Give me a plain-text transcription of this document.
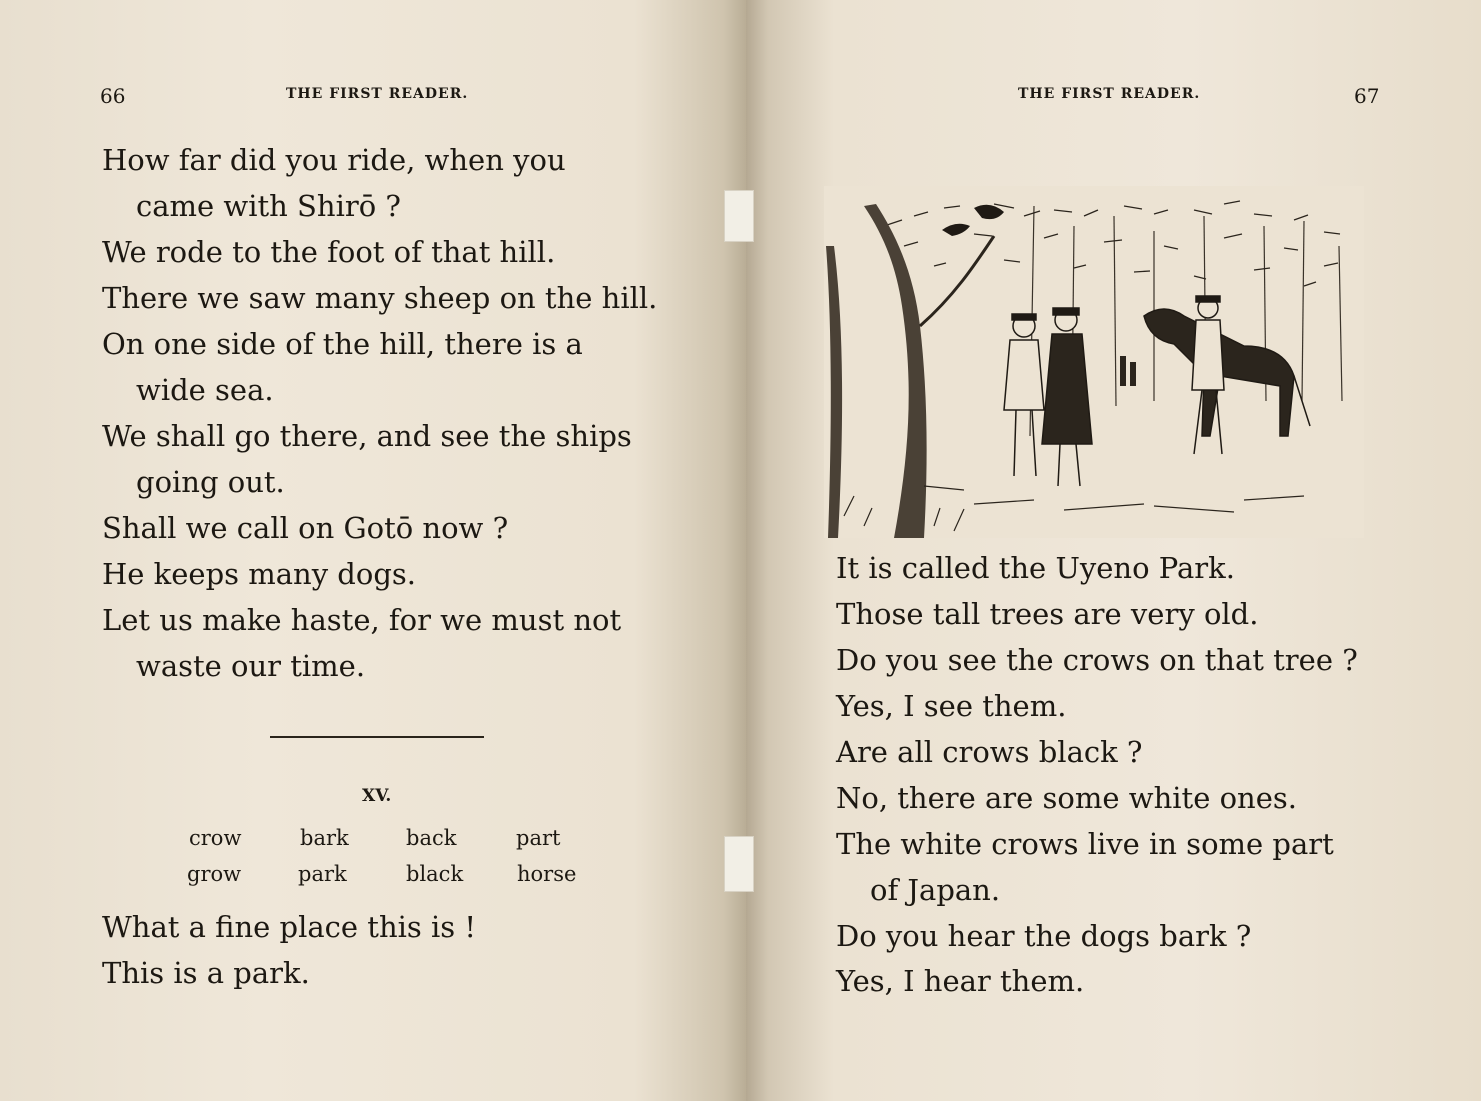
66	THE FIRST READER.
How far did you ride, when you
came with Shirō ?
We rode to the foot of that hill.
There we saw many sheep on the hill.
On one side of the hill, there is a
wide sea.
We shall go there, and see the ships
going out.
Shall we call on Gotō now ?
He keeps many dogs.
Let us make haste, for we must not
waste our time.
XV.
crow	bark	back	part
grow	park	black	horse
What a fine place this is !
This is a park.
THE FIRST READER.	67
It is called the Uyeno Park.
Those tall trees are very old.
Do you see the crows on that tree ?
Yes, I see them.
Are all crows black ?
No, there are some white ones.
The white crows live in some part
of Japan.
Do you hear the dogs bark ?
Yes, I hear them.
